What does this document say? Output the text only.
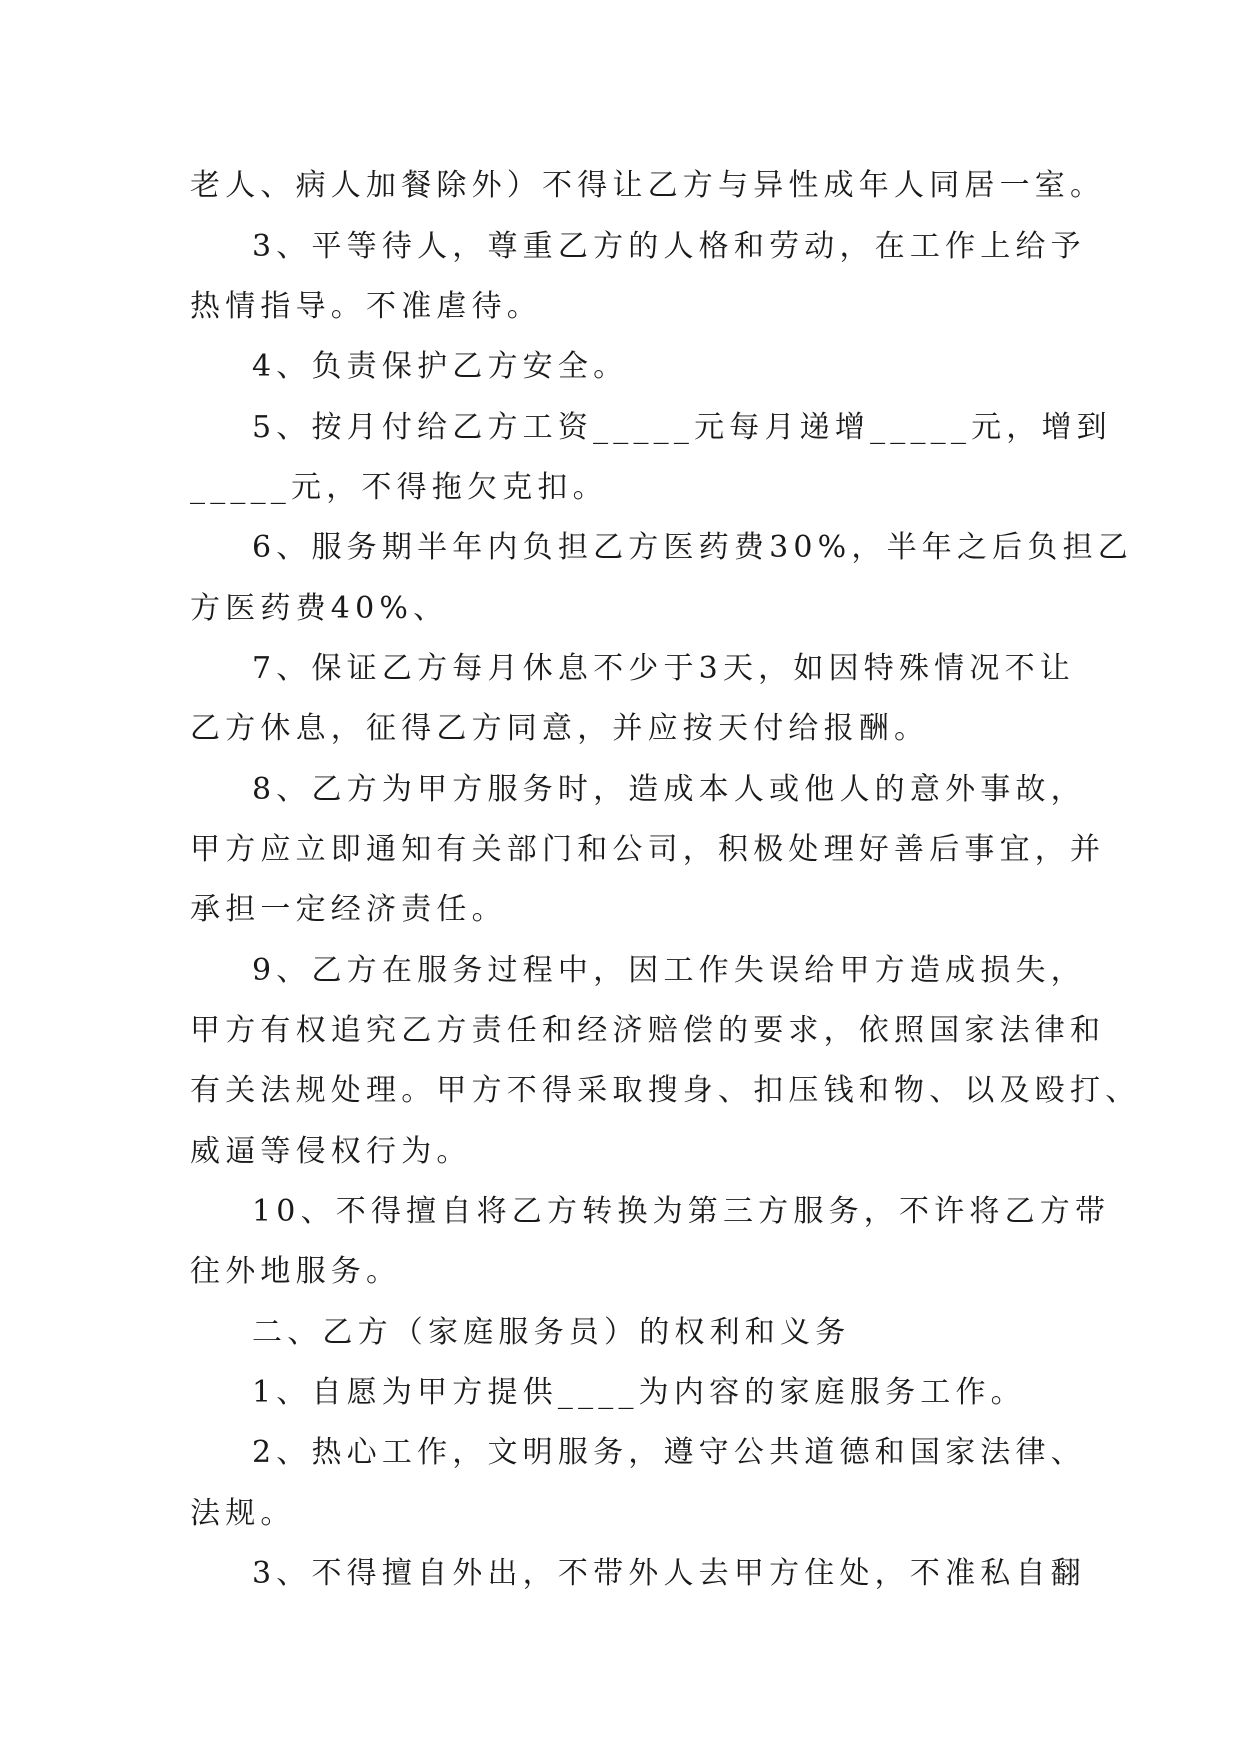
老人、病人加餐除外）不得让乙方与异性成年人同居一室。
3、平等待人，尊重乙方的人格和劳动，在工作上给予
热情指导。不准虐待。
4、负责保护乙方安全。
5、按月付给乙方工资_____元每月递增_____元，增到
_____元，不得拖欠克扣。
6、服务期半年内负担乙方医药费30%，半年之后负担乙
方医药费40%、
7、保证乙方每月休息不少于3天，如因特殊情况不让
乙方休息，征得乙方同意，并应按天付给报酬。
8、乙方为甲方服务时，造成本人或他人的意外事故，
甲方应立即通知有关部门和公司，积极处理好善后事宜，并
承担一定经济责任。
9、乙方在服务过程中，因工作失误给甲方造成损失，
甲方有权追究乙方责任和经济赔偿的要求，依照国家法律和
有关法规处理。甲方不得采取搜身、扣压钱和物、以及殴打、
威逼等侵权行为。
10、不得擅自将乙方转换为第三方服务，不许将乙方带
往外地服务。
二、乙方（家庭服务员）的权利和义务
1、自愿为甲方提供____为内容的家庭服务工作。
2、热心工作，文明服务，遵守公共道德和国家法律、
法规。
3、不得擅自外出，不带外人去甲方住处，不准私自翻
